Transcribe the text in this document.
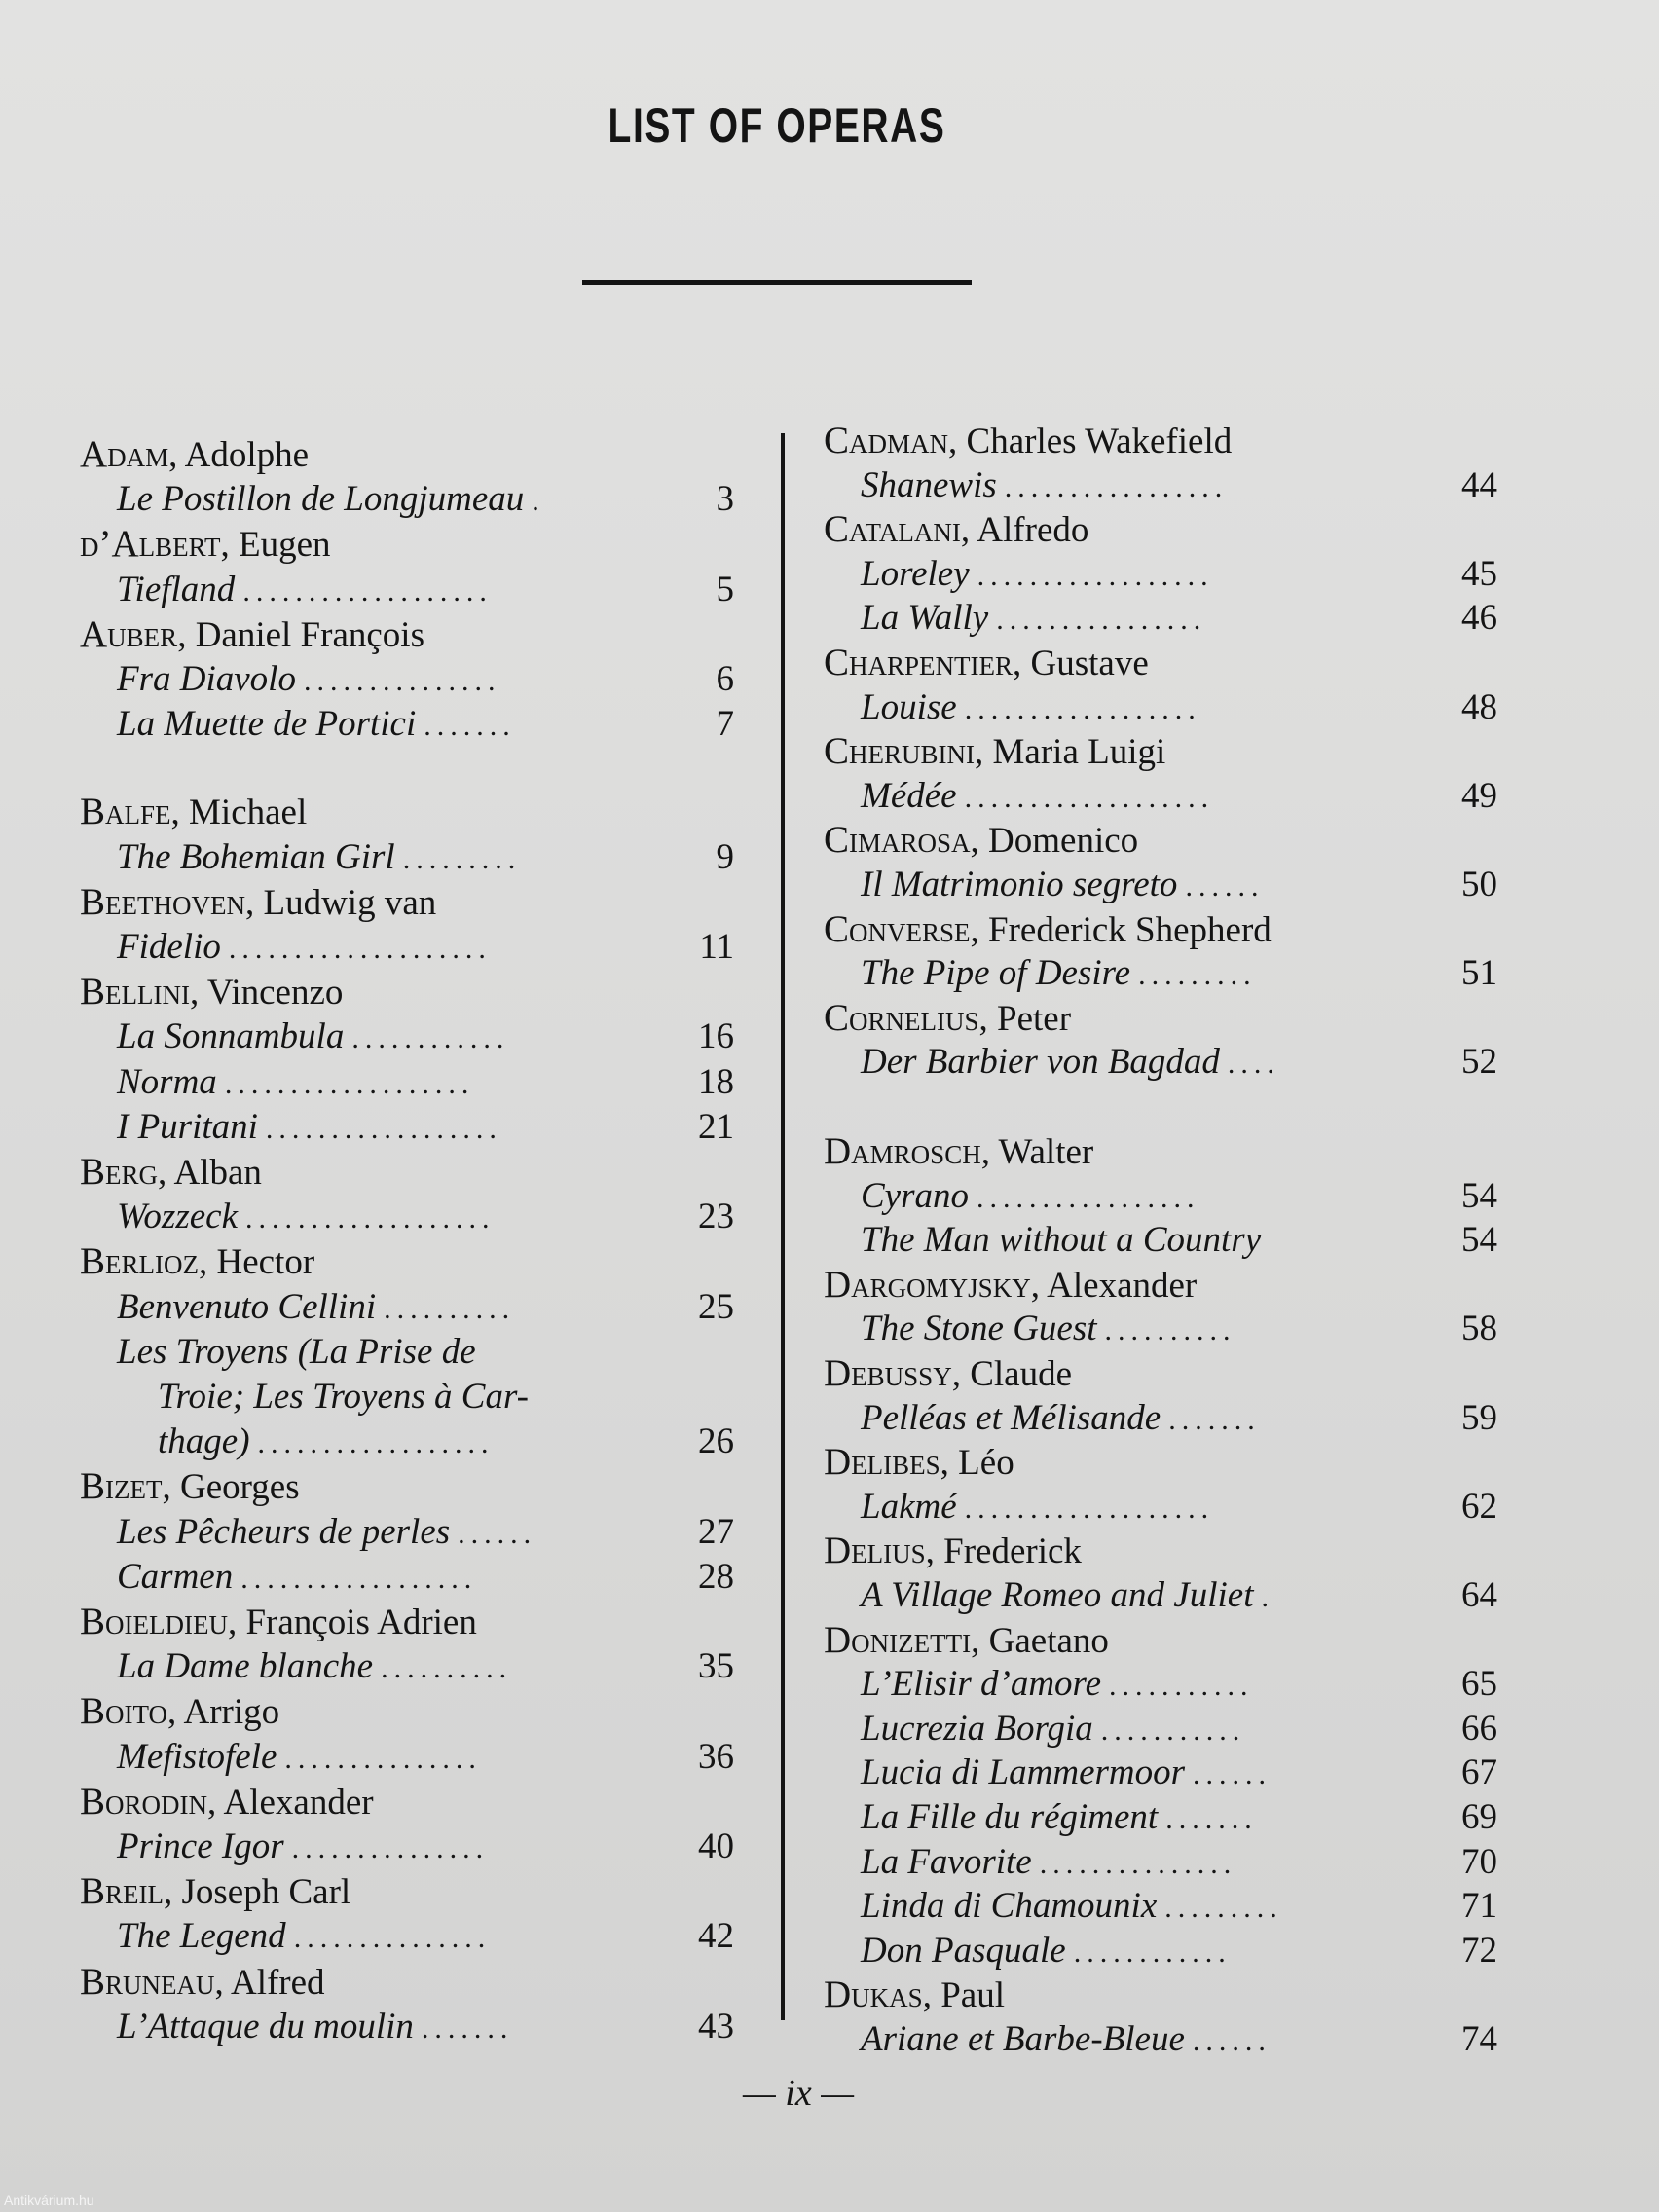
LIST OF OPERAS
Adam, Adolphe
Le Postillon de Longjumeau .	3
d’Albert, Eugen
Tiefland ...................	5
Auber, Daniel François
Fra Diavolo ...............	6
La Muette de Portici .......	7
Balfe, Michael
The Bohemian Girl .........	9
Beethoven, Ludwig van
Fidelio ....................	11
Bellini, Vincenzo
La Sonnambula ............	16
Norma ...................	18
I Puritani ..................	21
Berg, Alban
Wozzeck ...................	23
Berlioz, Hector
Benvenuto Cellini ..........	25
Les Troyens (La Prise de
Troie; Les Troyens à Car-
thage) ..................	26
Bizet, Georges
Les Pêcheurs de perles ......	27
Carmen ..................	28
Boieldieu, François Adrien
La Dame blanche ..........	35
Boito, Arrigo
Mefistofele ...............	36
Borodin, Alexander
Prince Igor ...............	40
Breil, Joseph Carl
The Legend ...............	42
Bruneau, Alfred
L’Attaque du moulin .......	43
Cadman, Charles Wakefield
Shanewis .................	44
Catalani, Alfredo
Loreley ..................	45
La Wally ................	46
Charpentier, Gustave
Louise ..................	48
Cherubini, Maria Luigi
Médée ...................	49
Cimarosa, Domenico
Il Matrimonio segreto ......	50
Converse, Frederick Shepherd
The Pipe of Desire .........	51
Cornelius, Peter
Der Barbier von Bagdad ....	52
Damrosch, Walter
Cyrano .................	54
The Man without a Country	54
Dargomyjsky, Alexander
The Stone Guest ..........	58
Debussy, Claude
Pelléas et Mélisande .......	59
Delibes, Léo
Lakmé ...................	62
Delius, Frederick
A Village Romeo and Juliet .	64
Donizetti, Gaetano
L’Elisir d’amore ...........	65
Lucrezia Borgia ...........	66
Lucia di Lammermoor ......	67
La Fille du régiment .......	69
La Favorite ...............	70
Linda di Chamounix .........	71
Don Pasquale ............	72
Dukas, Paul
Ariane et Barbe-Bleue ......	74
— ix —
Antikvárium.hu
